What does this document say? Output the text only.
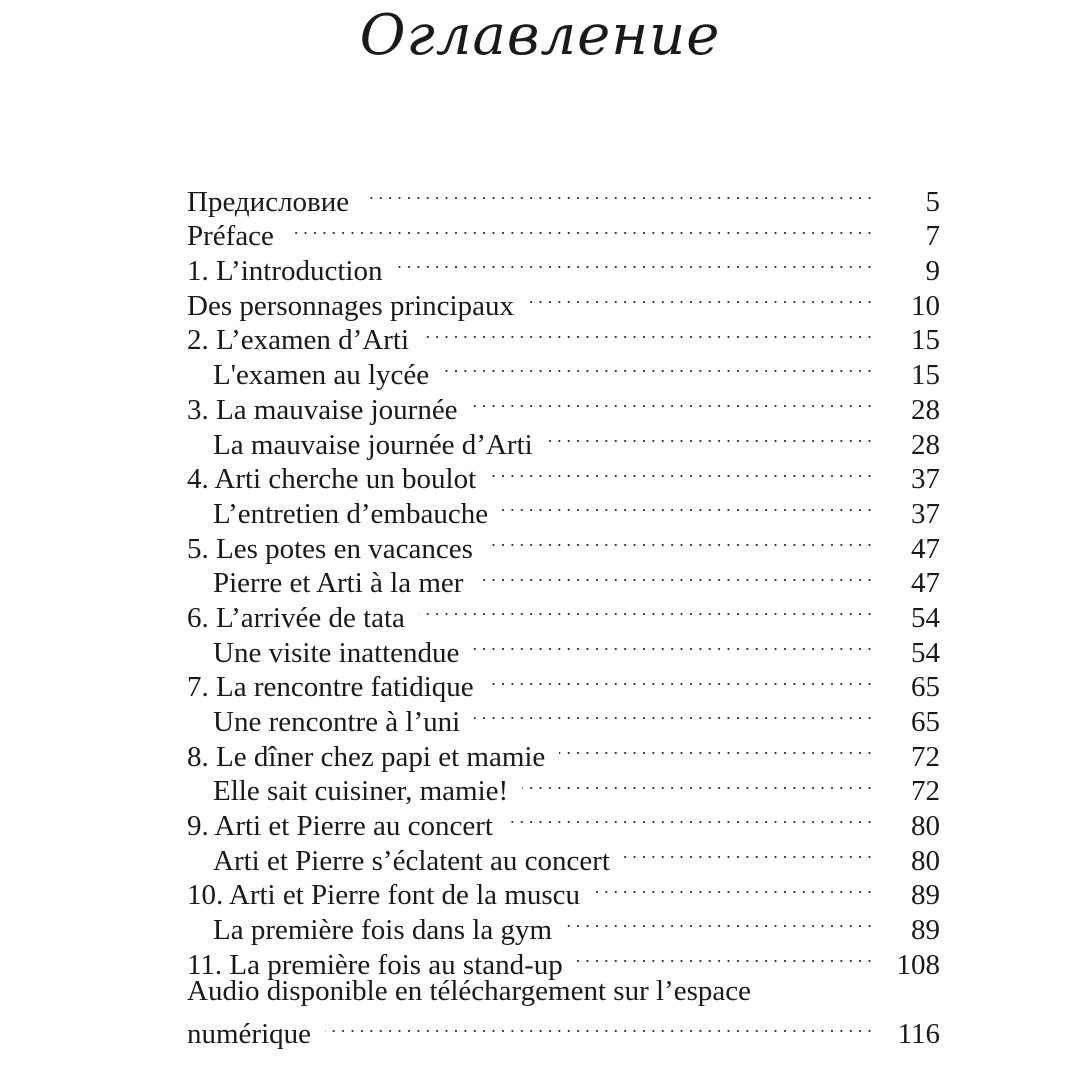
Оглавление
Предисловие . . .	5
Préface . . .	7
1. L’introduction . . .	9
Des personnages principaux . . .	10
2. L’examen d’Arti . . .	15
L'examen au lycée . . .	15
3. La mauvaise journée . . .	28
La mauvaise journée d’Arti . . .	28
4. Arti cherche un boulot . . .	37
L’entretien d’embauche . . .	37
5. Les potes en vacances . . .	47
Pierre et Arti à la mer . . .	47
6. L’arrivée de tata . . .	54
Une visite inattendue . . .	54
7. La rencontre fatidique . . .	65
Une rencontre à l’uni . . .	65
8. Le dîner chez papi et mamie . . .	72
Elle sait cuisiner, mamie! . . .	72
9. Arti et Pierre au concert . . .	80
Arti et Pierre s’éclatent au concert . . .	80
10. Arti et Pierre font de la muscu . . .	89
La première fois dans la gym . . .	89
11. La première fois au stand-up . . .	108
Audio disponible en téléchargement sur l’espace
numérique . . .	116
